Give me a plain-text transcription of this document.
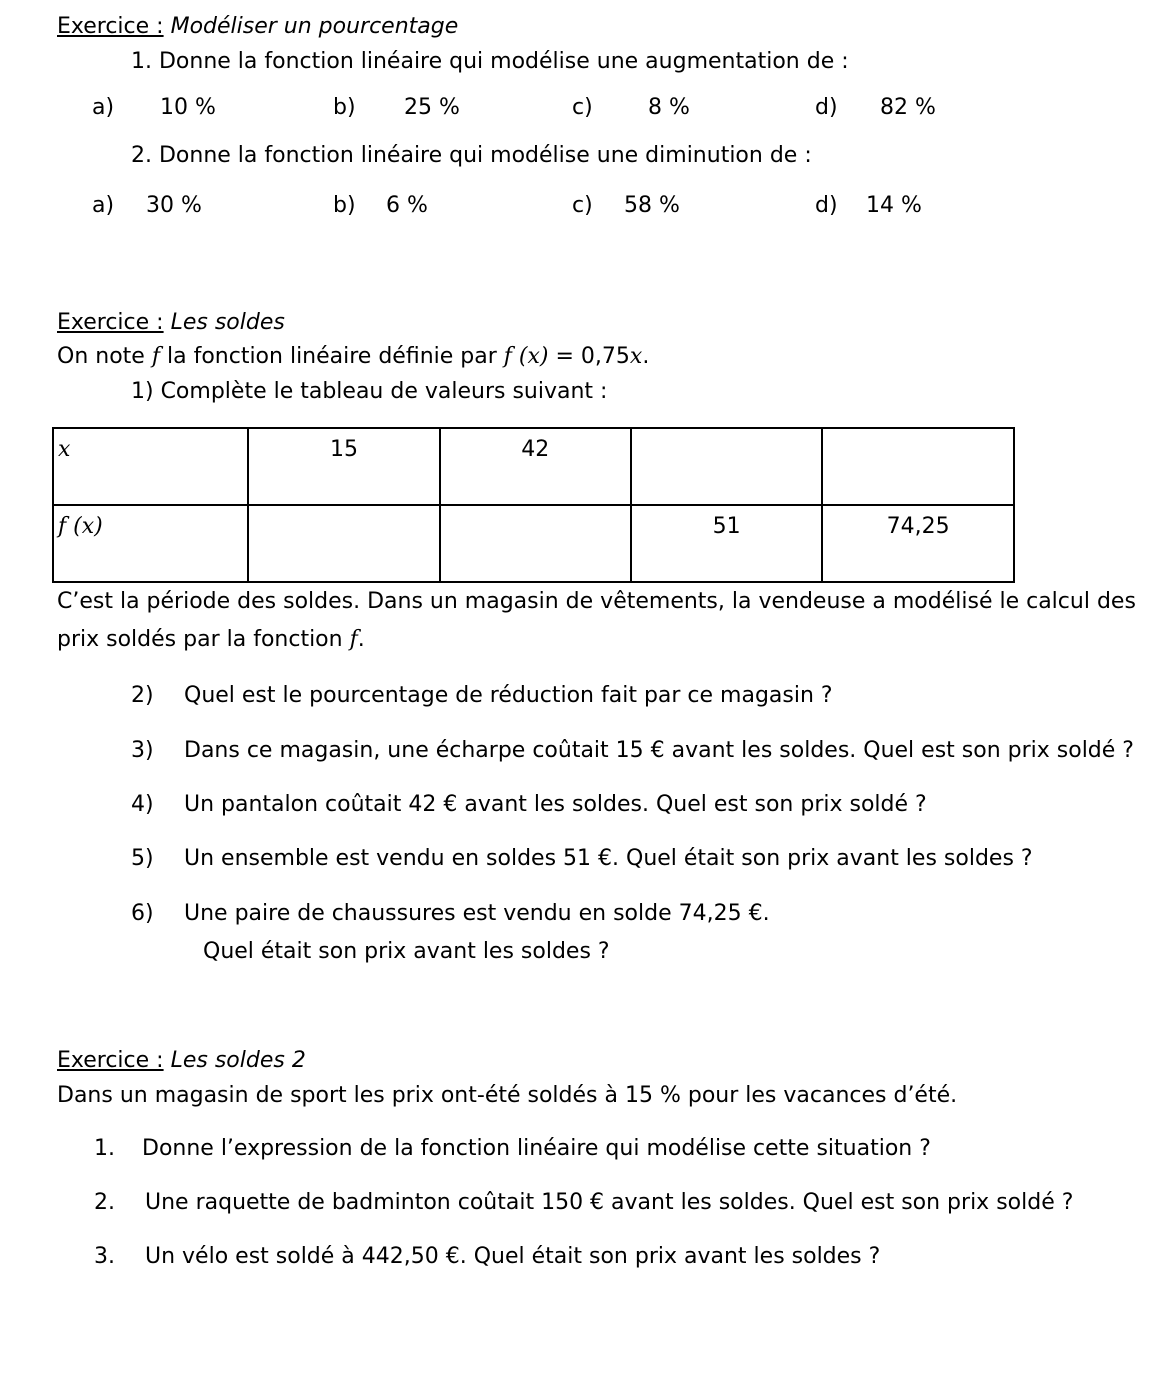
Exercice : Modéliser un pourcentage
1. Donne la fonction linéaire qui modélise une augmentation de :
a) 10 %	b) 25 %	c)	8 %	d) 82 %
2. Donne la fonction linéaire qui modélise une diminution de :
a) 30 %	b) 6 %	c) 58 %	d) 14 %
Exercice : Les soldes
On note f la fonction linéaire définie par f (x) = 0,75x.
1) Complète le tableau de valeurs suivant :
x	15	42		
f (x)			51	74,25
C’est la période des soldes. Dans un magasin de vêtements, la vendeuse a modélisé le calcul des
prix soldés par la fonction f.
2) Quel est le pourcentage de réduction fait par ce magasin ?
3) Dans ce magasin, une écharpe coûtait 15 € avant les soldes. Quel est son prix soldé ?
4) Un pantalon coûtait 42 € avant les soldes. Quel est son prix soldé ?
5) Un ensemble est vendu en soldes 51 €. Quel était son prix avant les soldes ?
6) Une paire de chaussures est vendu en solde 74,25 €.
Quel était son prix avant les soldes ?
Exercice : Les soldes 2
Dans un magasin de sport les prix ont-été soldés à 15 % pour les vacances d’été.
1. Donne l’expression de la fonction linéaire qui modélise cette situation ?
2. Une raquette de badminton coûtait 150 € avant les soldes. Quel est son prix soldé ?
3. Un vélo est soldé à 442,50 €. Quel était son prix avant les soldes ?
